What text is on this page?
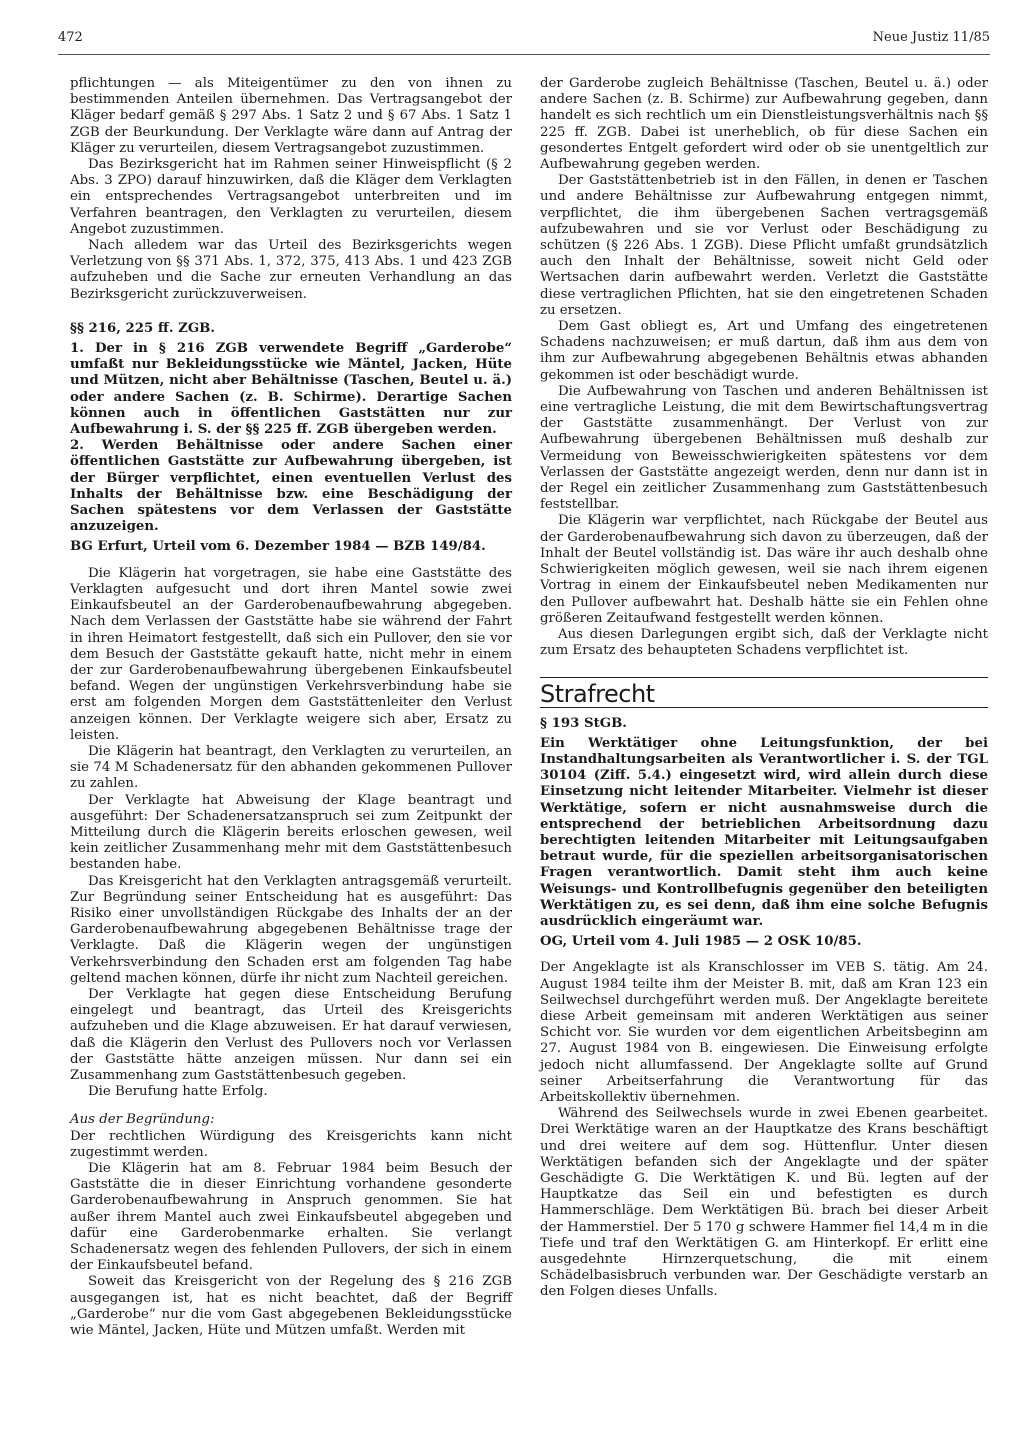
472	Neue Justiz 11/85

pflichtungen — als Miteigentümer zu den von ihnen zu bestimmenden Anteilen übernehmen. Das Vertragsangebot der Kläger bedarf gemäß § 297 Abs. 1 Satz 2 und § 67 Abs. 1 Satz 1 ZGB der Beurkundung. Der Verklagte wäre dann auf Antrag der Kläger zu verurteilen, diesem Vertragsangebot zuzustimmen.

Das Bezirksgericht hat im Rahmen seiner Hinweispflicht (§ 2 Abs. 3 ZPO) darauf hinzuwirken, daß die Kläger dem Verklagten ein entsprechendes Vertragsangebot unterbreiten und im Verfahren beantragen, den Verklagten zu verurteilen, diesem Angebot zuzustimmen.

Nach alledem war das Urteil des Bezirksgerichts wegen Verletzung von §§ 371 Abs. 1, 372, 375, 413 Abs. 1 und 423 ZGB aufzuheben und die Sache zur erneuten Verhandlung an das Bezirksgericht zurückzuverweisen.

§§ 216, 225 ff. ZGB.

1. Der in § 216 ZGB verwendete Begriff „Garderobe“ umfaßt nur Bekleidungsstücke wie Mäntel, Jacken, Hüte und Mützen, nicht aber Behältnisse (Taschen, Beutel u. ä.) oder andere Sachen (z. B. Schirme). Derartige Sachen können auch in öffentlichen Gaststätten nur zur Aufbewahrung i. S. der §§ 225 ff. ZGB übergeben werden.

2. Werden Behältnisse oder andere Sachen einer öffentlichen Gaststätte zur Aufbewahrung übergeben, ist der Bürger verpflichtet, einen eventuellen Verlust des Inhalts der Behältnisse bzw. eine Beschädigung der Sachen spätestens vor dem Verlassen der Gaststätte anzuzeigen.

BG Erfurt, Urteil vom 6. Dezember 1984 — BZB 149/84.

Die Klägerin hat vorgetragen, sie habe eine Gaststätte des Verklagten aufgesucht und dort ihren Mantel sowie zwei Einkaufsbeutel an der Garderobenaufbewahrung abgegeben. Nach dem Verlassen der Gaststätte habe sie während der Fahrt in ihren Heimatort festgestellt, daß sich ein Pullover, den sie vor dem Besuch der Gaststätte gekauft hatte, nicht mehr in einem der zur Garderobenaufbewahrung übergebenen Einkaufsbeutel befand. Wegen der ungünstigen Verkehrsverbindung habe sie erst am folgenden Morgen dem Gaststättenleiter den Verlust anzeigen können. Der Verklagte weigere sich aber, Ersatz zu leisten.

Die Klägerin hat beantragt, den Verklagten zu verurteilen, an sie 74 M Schadenersatz für den abhanden gekommenen Pullover zu zahlen.

Der Verklagte hat Abweisung der Klage beantragt und ausgeführt: Der Schadenersatzanspruch sei zum Zeitpunkt der Mitteilung durch die Klägerin bereits erloschen gewesen, weil kein zeitlicher Zusammenhang mehr mit dem Gaststättenbesuch bestanden habe.

Das Kreisgericht hat den Verklagten antragsgemäß verurteilt. Zur Begründung seiner Entscheidung hat es ausgeführt: Das Risiko einer unvollständigen Rückgabe des Inhalts der an der Garderobenaufbewahrung abgegebenen Behältnisse trage der Verklagte. Daß die Klägerin wegen der ungünstigen Verkehrsverbindung den Schaden erst am folgenden Tag habe geltend machen können, dürfe ihr nicht zum Nachteil gereichen.

Der Verklagte hat gegen diese Entscheidung Berufung eingelegt und beantragt, das Urteil des Kreisgerichts aufzuheben und die Klage abzuweisen. Er hat darauf verwiesen, daß die Klägerin den Verlust des Pullovers noch vor Verlassen der Gaststätte hätte anzeigen müssen. Nur dann sei ein Zusammenhang zum Gaststättenbesuch gegeben.

Die Berufung hatte Erfolg.

Aus der Begründung:

Der rechtlichen Würdigung des Kreisgerichts kann nicht zugestimmt werden.

Die Klägerin hat am 8. Februar 1984 beim Besuch der Gaststätte die in dieser Einrichtung vorhandene gesonderte Garderobenaufbewahrung in Anspruch genommen. Sie hat außer ihrem Mantel auch zwei Einkaufsbeutel abgegeben und dafür eine Garderobenmarke erhalten. Sie verlangt Schadenersatz wegen des fehlenden Pullovers, der sich in einem der Einkaufsbeutel befand.

Soweit das Kreisgericht von der Regelung des § 216 ZGB ausgegangen ist, hat es nicht beachtet, daß der Begriff „Garderobe“ nur die vom Gast abgegebenen Bekleidungsstücke wie Mäntel, Jacken, Hüte und Mützen umfaßt. Werden mit

der Garderobe zugleich Behältnisse (Taschen, Beutel u. ä.) oder andere Sachen (z. B. Schirme) zur Aufbewahrung gegeben, dann handelt es sich rechtlich um ein Dienstleistungsverhältnis nach §§ 225 ff. ZGB. Dabei ist unerheblich, ob für diese Sachen ein gesondertes Entgelt gefordert wird oder ob sie unentgeltlich zur Aufbewahrung gegeben werden.

Der Gaststättenbetrieb ist in den Fällen, in denen er Taschen und andere Behältnisse zur Aufbewahrung entgegen nimmt, verpflichtet, die ihm übergebenen Sachen vertragsgemäß aufzubewahren und sie vor Verlust oder Beschädigung zu schützen (§ 226 Abs. 1 ZGB). Diese Pflicht umfaßt grundsätzlich auch den Inhalt der Behältnisse, soweit nicht Geld oder Wertsachen darin aufbewahrt werden. Verletzt die Gaststätte diese vertraglichen Pflichten, hat sie den eingetretenen Schaden zu ersetzen.

Dem Gast obliegt es, Art und Umfang des eingetretenen Schadens nachzuweisen; er muß dartun, daß ihm aus dem von ihm zur Aufbewahrung abgegebenen Behältnis etwas abhanden gekommen ist oder beschädigt wurde.

Die Aufbewahrung von Taschen und anderen Behältnissen ist eine vertragliche Leistung, die mit dem Bewirtschaftungsvertrag der Gaststätte zusammenhängt. Der Verlust von zur Aufbewahrung übergebenen Behältnissen muß deshalb zur Vermeidung von Beweisschwierigkeiten spätestens vor dem Verlassen der Gaststätte angezeigt werden, denn nur dann ist in der Regel ein zeitlicher Zusammenhang zum Gaststättenbesuch feststellbar.

Die Klägerin war verpflichtet, nach Rückgabe der Beutel aus der Garderobenaufbewahrung sich davon zu überzeugen, daß der Inhalt der Beutel vollständig ist. Das wäre ihr auch deshalb ohne Schwierigkeiten möglich gewesen, weil sie nach ihrem eigenen Vortrag in einem der Einkaufsbeutel neben Medikamenten nur den Pullover aufbewahrt hat. Deshalb hätte sie ein Fehlen ohne größeren Zeitaufwand festgestellt werden können.

Aus diesen Darlegungen ergibt sich, daß der Verklagte nicht zum Ersatz des behaupteten Schadens verpflichtet ist.

Strafrecht
§ 193 StGB.

Ein Werktätiger ohne Leitungsfunktion, der bei Instandhaltungsarbeiten als Verantwortlicher i. S. der TGL 30104 (Ziff. 5.4.) eingesetzt wird, wird allein durch diese Einsetzung nicht leitender Mitarbeiter. Vielmehr ist dieser Werktätige, sofern er nicht ausnahmsweise durch die entsprechend der betrieblichen Arbeitsordnung dazu berechtigten leitenden Mitarbeiter mit Leitungsaufgaben betraut wurde, für die speziellen arbeitsorganisatorischen Fragen verantwortlich. Damit steht ihm auch keine Weisungs- und Kontrollbefugnis gegenüber den beteiligten Werktätigen zu, es sei denn, daß ihm eine solche Befugnis ausdrücklich eingeräumt war.

OG, Urteil vom 4. Juli 1985 — 2 OSK 10/85.

Der Angeklagte ist als Kranschlosser im VEB S. tätig. Am 24. August 1984 teilte ihm der Meister B. mit, daß am Kran 123 ein Seilwechsel durchgeführt werden muß. Der Angeklagte bereitete diese Arbeit gemeinsam mit anderen Werktätigen aus seiner Schicht vor. Sie wurden vor dem eigentlichen Arbeitsbeginn am 27. August 1984 von B. eingewiesen. Die Einweisung erfolgte jedoch nicht allumfassend. Der Angeklagte sollte auf Grund seiner Arbeitserfahrung die Verantwortung für das Arbeitskollektiv übernehmen.

Während des Seilwechsels wurde in zwei Ebenen gearbeitet. Drei Werktätige waren an der Hauptkatze des Krans beschäftigt und drei weitere auf dem sog. Hüttenflur. Unter diesen Werktätigen befanden sich der Angeklagte und der später Geschädigte G. Die Werktätigen K. und Bü. legten auf der Hauptkatze das Seil ein und befestigten es durch Hammerschläge. Dem Werktätigen Bü. brach bei dieser Arbeit der Hammerstiel. Der 5 170 g schwere Hammer fiel 14,4 m in die Tiefe und traf den Werktätigen G. am Hinterkopf. Er erlitt eine ausgedehnte Hirnzerquetschung, die mit einem Schädelbasisbruch verbunden war. Der Geschädigte verstarb an den Folgen dieses Unfalls.
